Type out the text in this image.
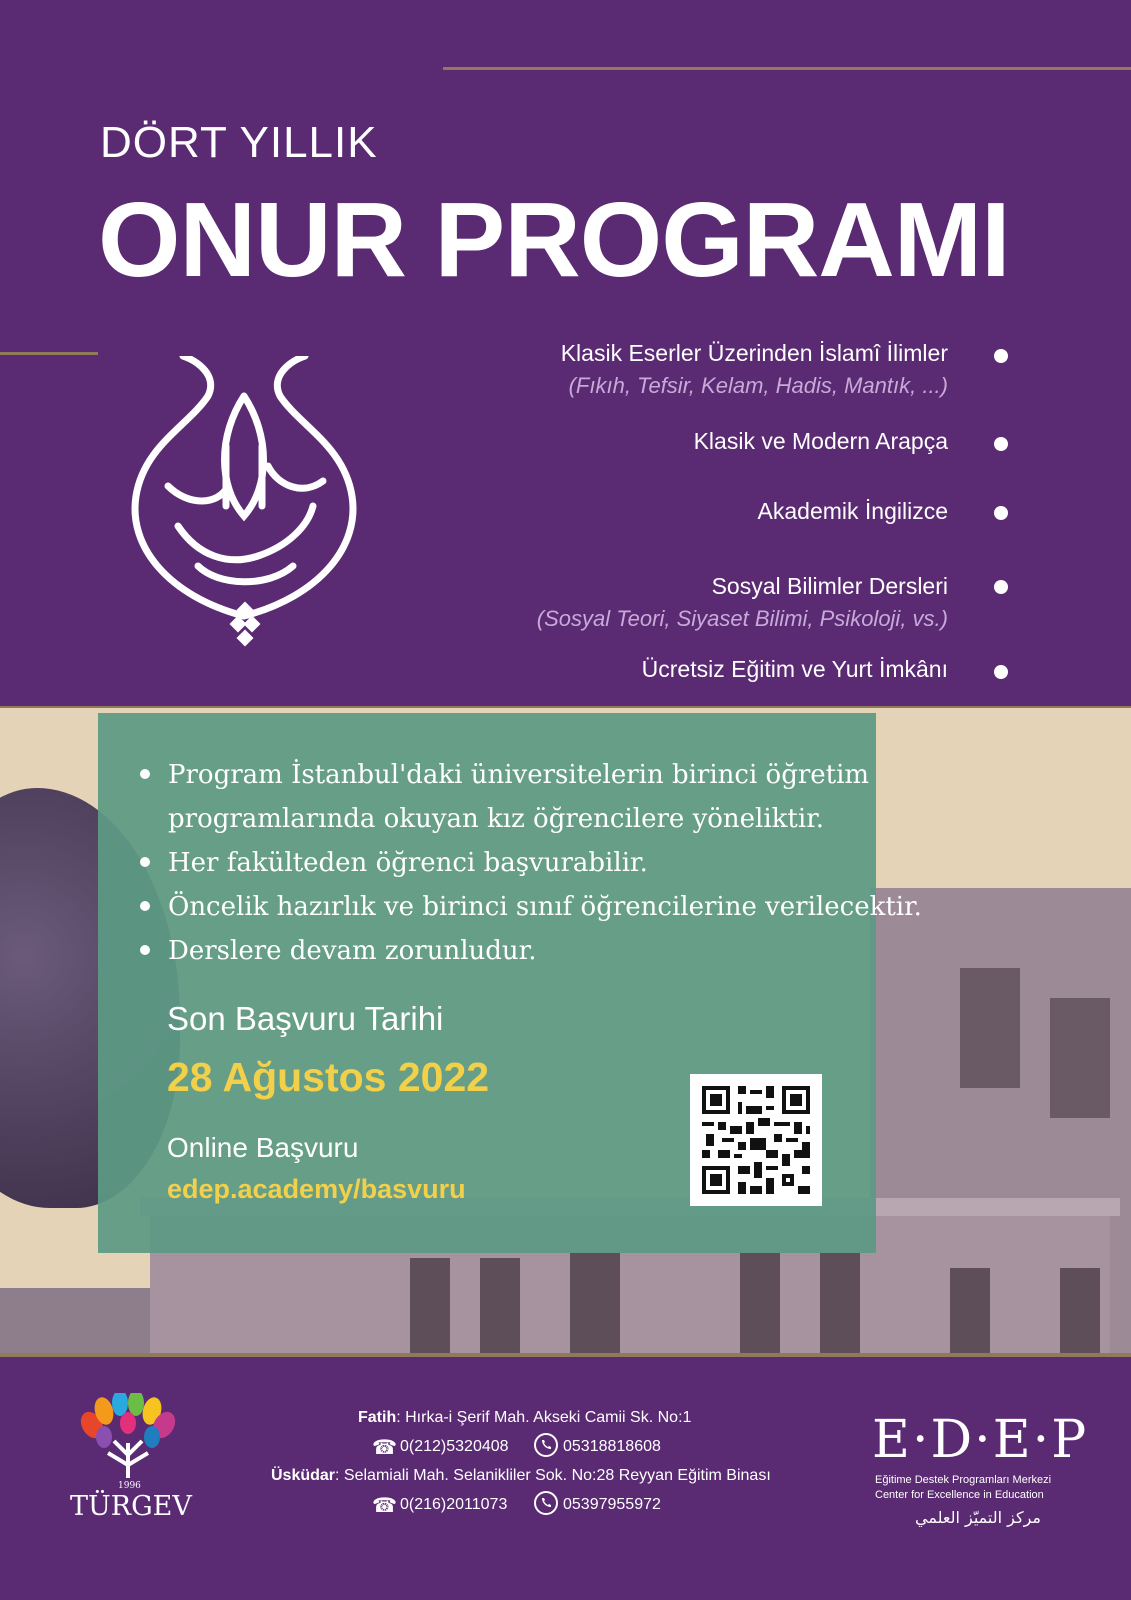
DÖRT YILLIK
ONUR PROGRAMI
Klasik Eserler Üzerinden İslamî İlimler
(Fıkıh, Tefsir, Kelam, Hadis, Mantık, ...)
Klasik ve Modern Arapça
Akademik İngilizce
Sosyal Bilimler Dersleri
(Sosyal Teori, Siyaset Bilimi, Psikoloji, vs.)
Ücretsiz Eğitim ve Yurt İmkânı
Program İstanbul'daki üniversitelerin birinci öğretim
programlarında okuyan kız öğrencilere yöneliktir.
Her fakülteden öğrenci başvurabilir.
Öncelik hazırlık ve birinci sınıf öğrencilerine verilecektir.
Derslere devam zorunludur.
Son Başvuru Tarihi
28 Ağustos 2022
Online Başvuru
edep.academy/basvuru
1996
TÜRGEV
Fatih: Hırka-i Şerif Mah. Akseki Camii Sk. No:1
☎ 0(212)5320408	05318818608
Üsküdar: Selamiali Mah. Selanikliler Sok. No:28 Reyyan Eğitim Binası
☎ 0(216)2011073	05397955972
E·D·E·P
Eğitime Destek Programları Merkezi
Center for Excellence in Education
مركز التميّز العلمي
